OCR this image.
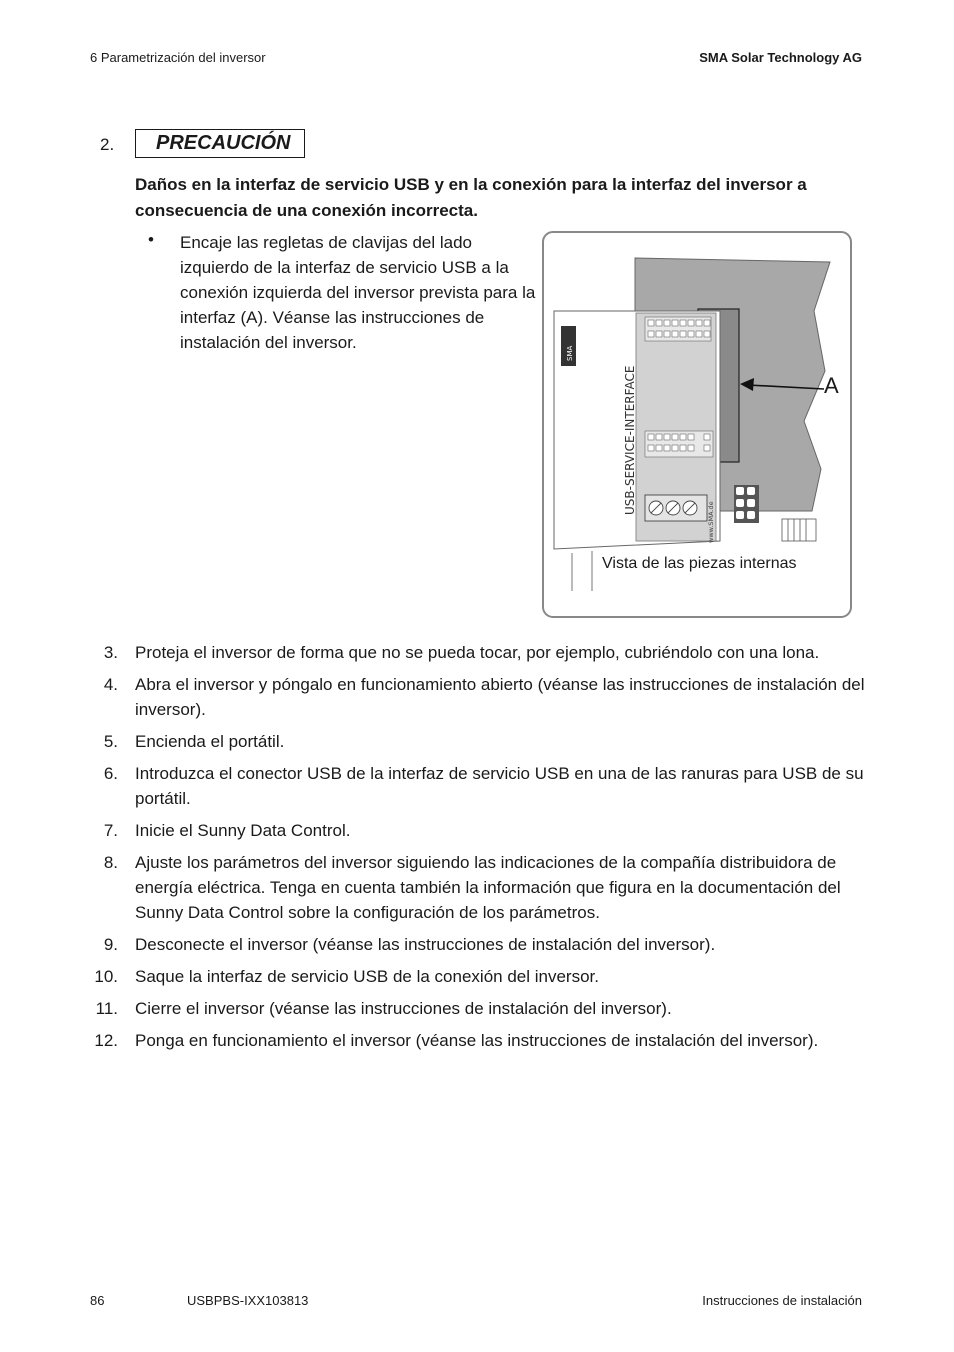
6 Parametrización del inversor	SMA Solar Technology AG
2.	PRECAUCIÓN
Daños en la interfaz de servicio USB y en la conexión para la interfaz del inversor a consecuencia de una conexión incorrecta.
• Encaje las regletas de clavijas del lado izquierdo de la interfaz de servicio USB a la conexión izquierda del inversor prevista para la interfaz (A). Véanse las instrucciones de instalación del inversor.
SMA
USB-SERVICE-INTERFACE
www.SMA.de
A
Vista de las piezas internas
3. Proteja el inversor de forma que no se pueda tocar, por ejemplo, cubriéndolo con una lona.
4. Abra el inversor y póngalo en funcionamiento abierto (véanse las instrucciones de instalación del inversor).
5. Encienda el portátil.
6. Introduzca el conector USB de la interfaz de servicio USB en una de las ranuras para USB de su portátil.
7. Inicie el Sunny Data Control.
8. Ajuste los parámetros del inversor siguiendo las indicaciones de la compañía distribuidora de energía eléctrica. Tenga en cuenta también la información que figura en la documentación del Sunny Data Control sobre la configuración de los parámetros.
9. Desconecte el inversor (véanse las instrucciones de instalación del inversor).
10. Saque la interfaz de servicio USB de la conexión del inversor.
11. Cierre el inversor (véanse las instrucciones de instalación del inversor).
12. Ponga en funcionamiento el inversor (véanse las instrucciones de instalación del inversor).
86	USBPBS-IXX103813	Instrucciones de instalación
